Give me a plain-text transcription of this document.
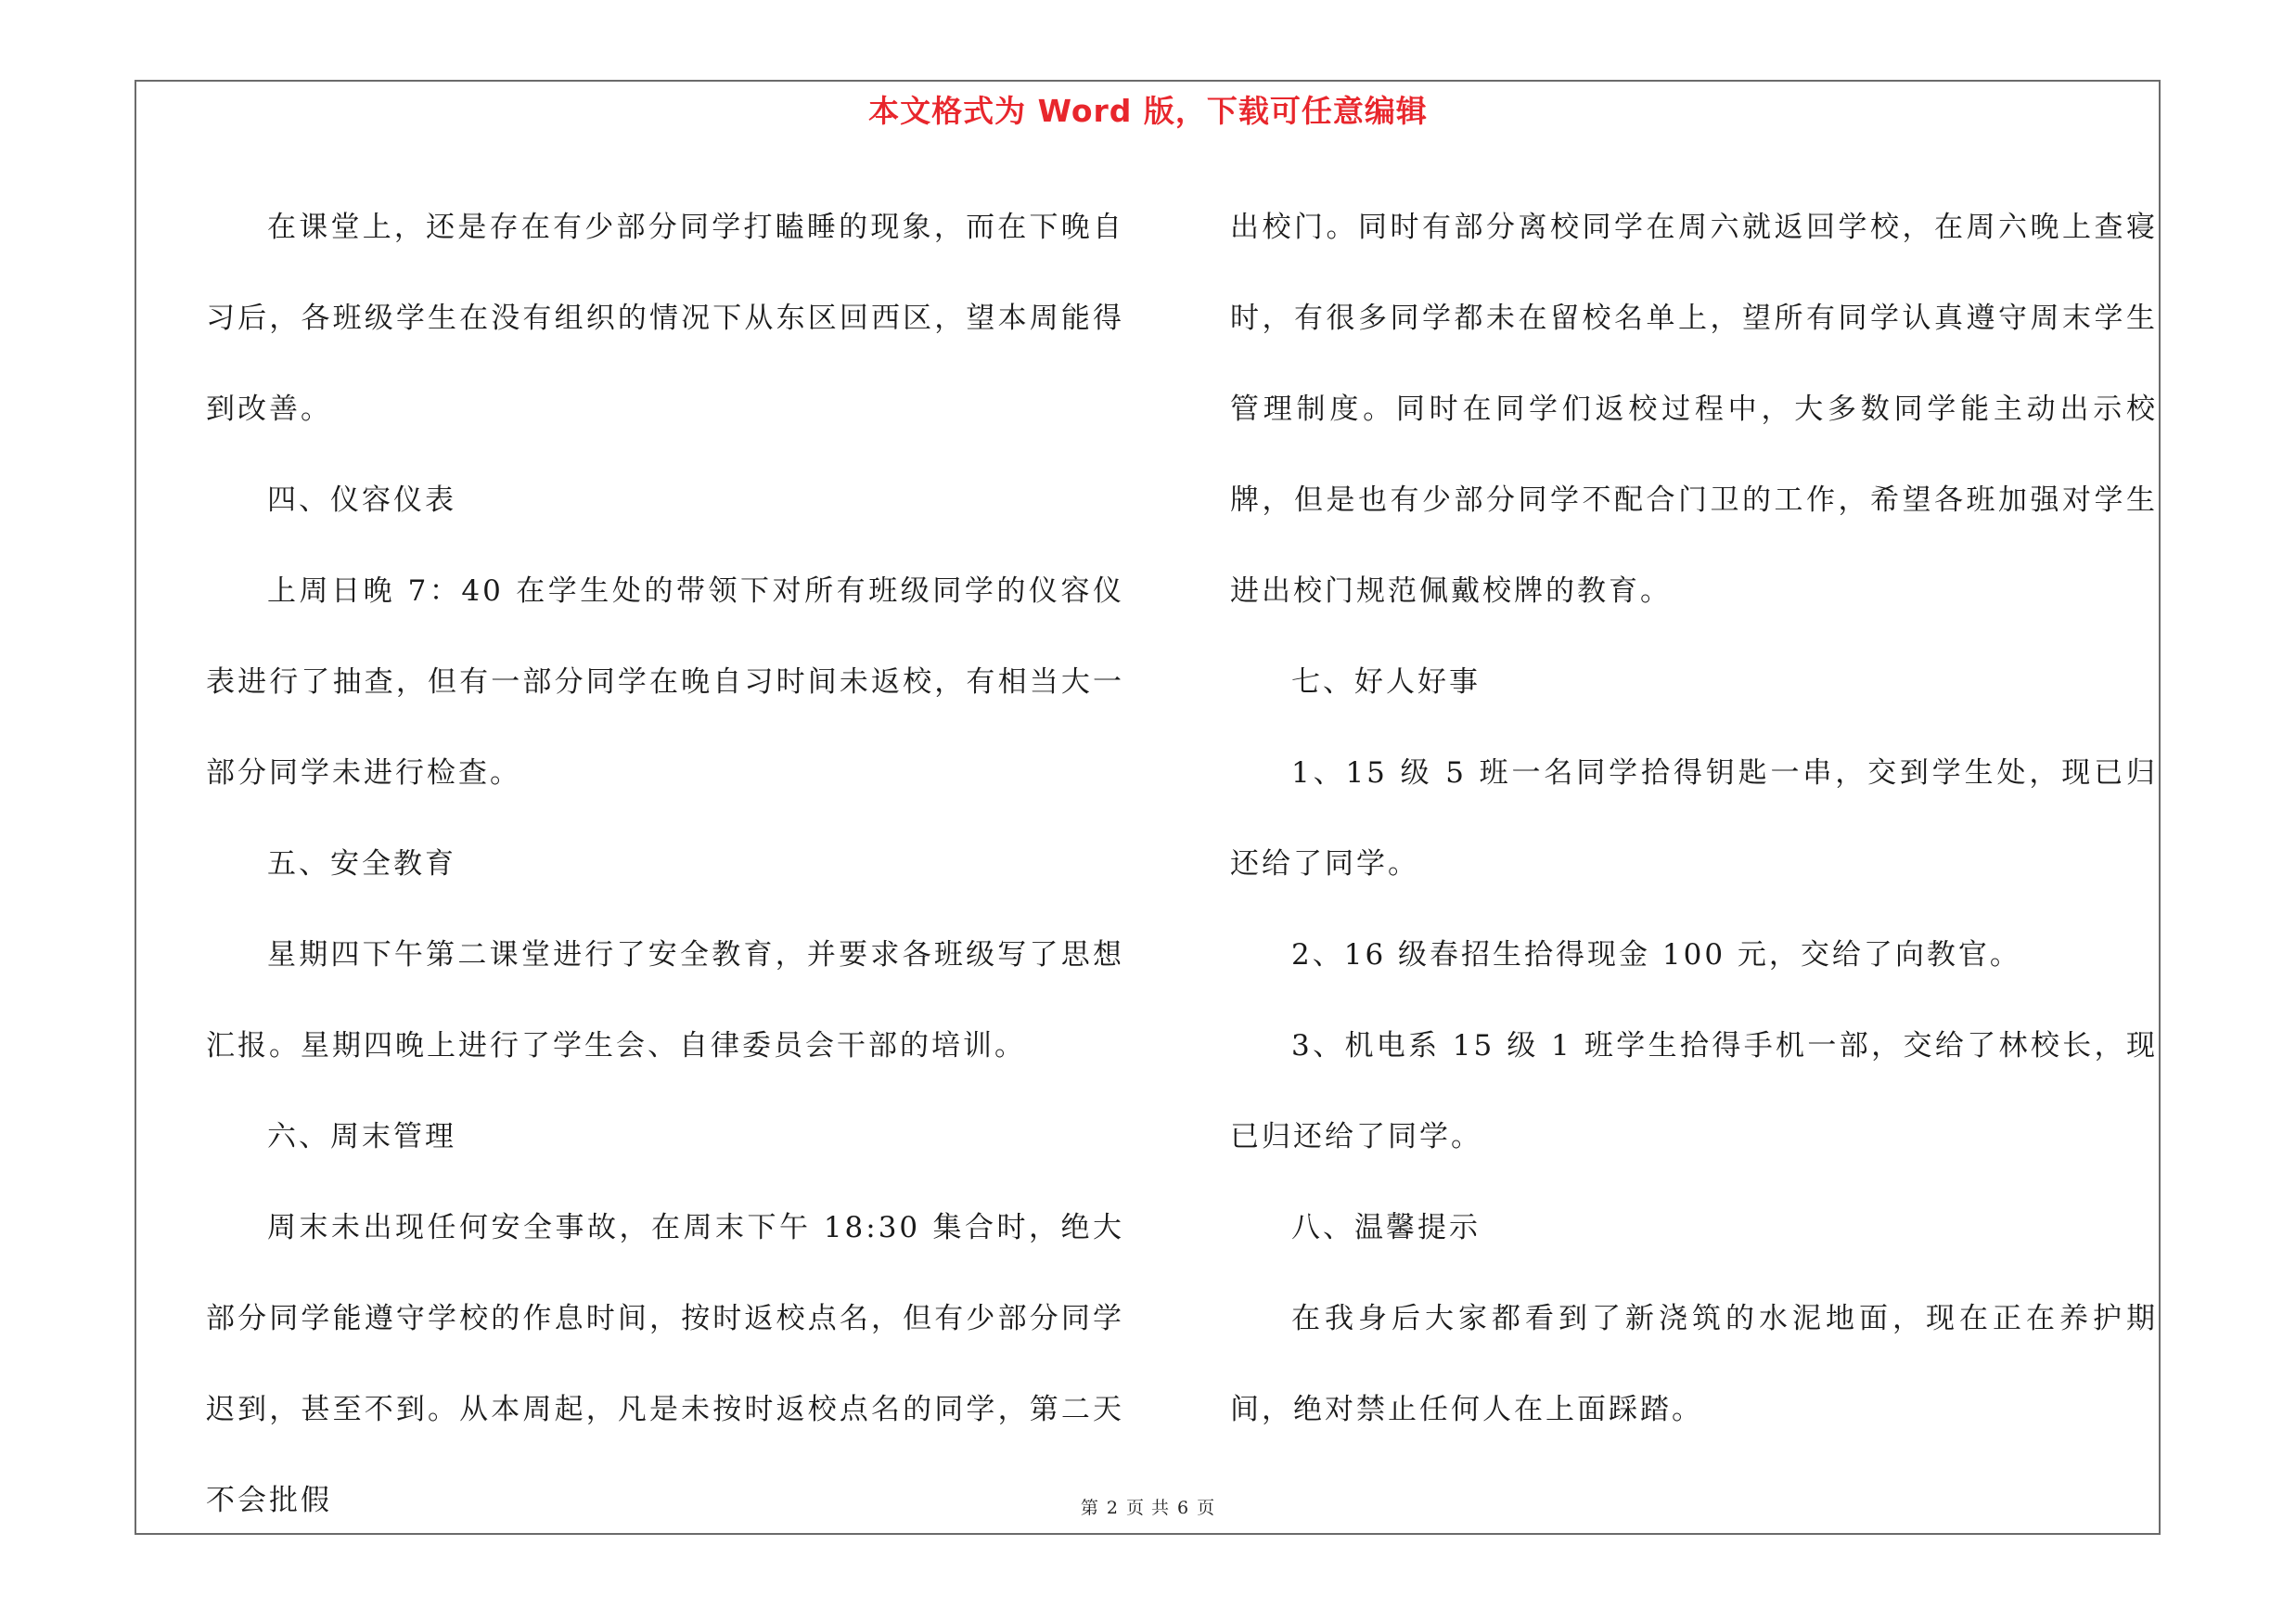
本文格式为 Word 版，下载可任意编辑

在课堂上，还是存在有少部分同学打瞌睡的现象，而在下晚自习后，各班级学生在没有组织的情况下从东区回西区，望本周能得到改善。

四、仪容仪表

上周日晚 7：40 在学生处的带领下对所有班级同学的仪容仪表进行了抽查，但有一部分同学在晚自习时间未返校，有相当大一部分同学未进行检查。

五、安全教育

星期四下午第二课堂进行了安全教育，并要求各班级写了思想汇报。星期四晚上进行了学生会、自律委员会干部的培训。

六、周末管理

周末未出现任何安全事故，在周末下午 18:30 集合时，绝大部分同学能遵守学校的作息时间，按时返校点名，但有少部分同学迟到，甚至不到。从本周起，凡是未按时返校点名的同学，第二天不会批假

出校门。同时有部分离校同学在周六就返回学校，在周六晚上查寝时，有很多同学都未在留校名单上，望所有同学认真遵守周末学生管理制度。同时在同学们返校过程中，大多数同学能主动出示校牌，但是也有少部分同学不配合门卫的工作，希望各班加强对学生进出校门规范佩戴校牌的教育。

七、好人好事

1、15 级 5 班一名同学拾得钥匙一串，交到学生处，现已归还给了同学。

2、16 级春招生拾得现金 100 元，交给了向教官。

3、机电系 15 级 1 班学生拾得手机一部，交给了林校长，现已归还给了同学。

八、温馨提示

在我身后大家都看到了新浇筑的水泥地面，现在正在养护期间，绝对禁止任何人在上面踩踏。

第 2 页 共 6 页
